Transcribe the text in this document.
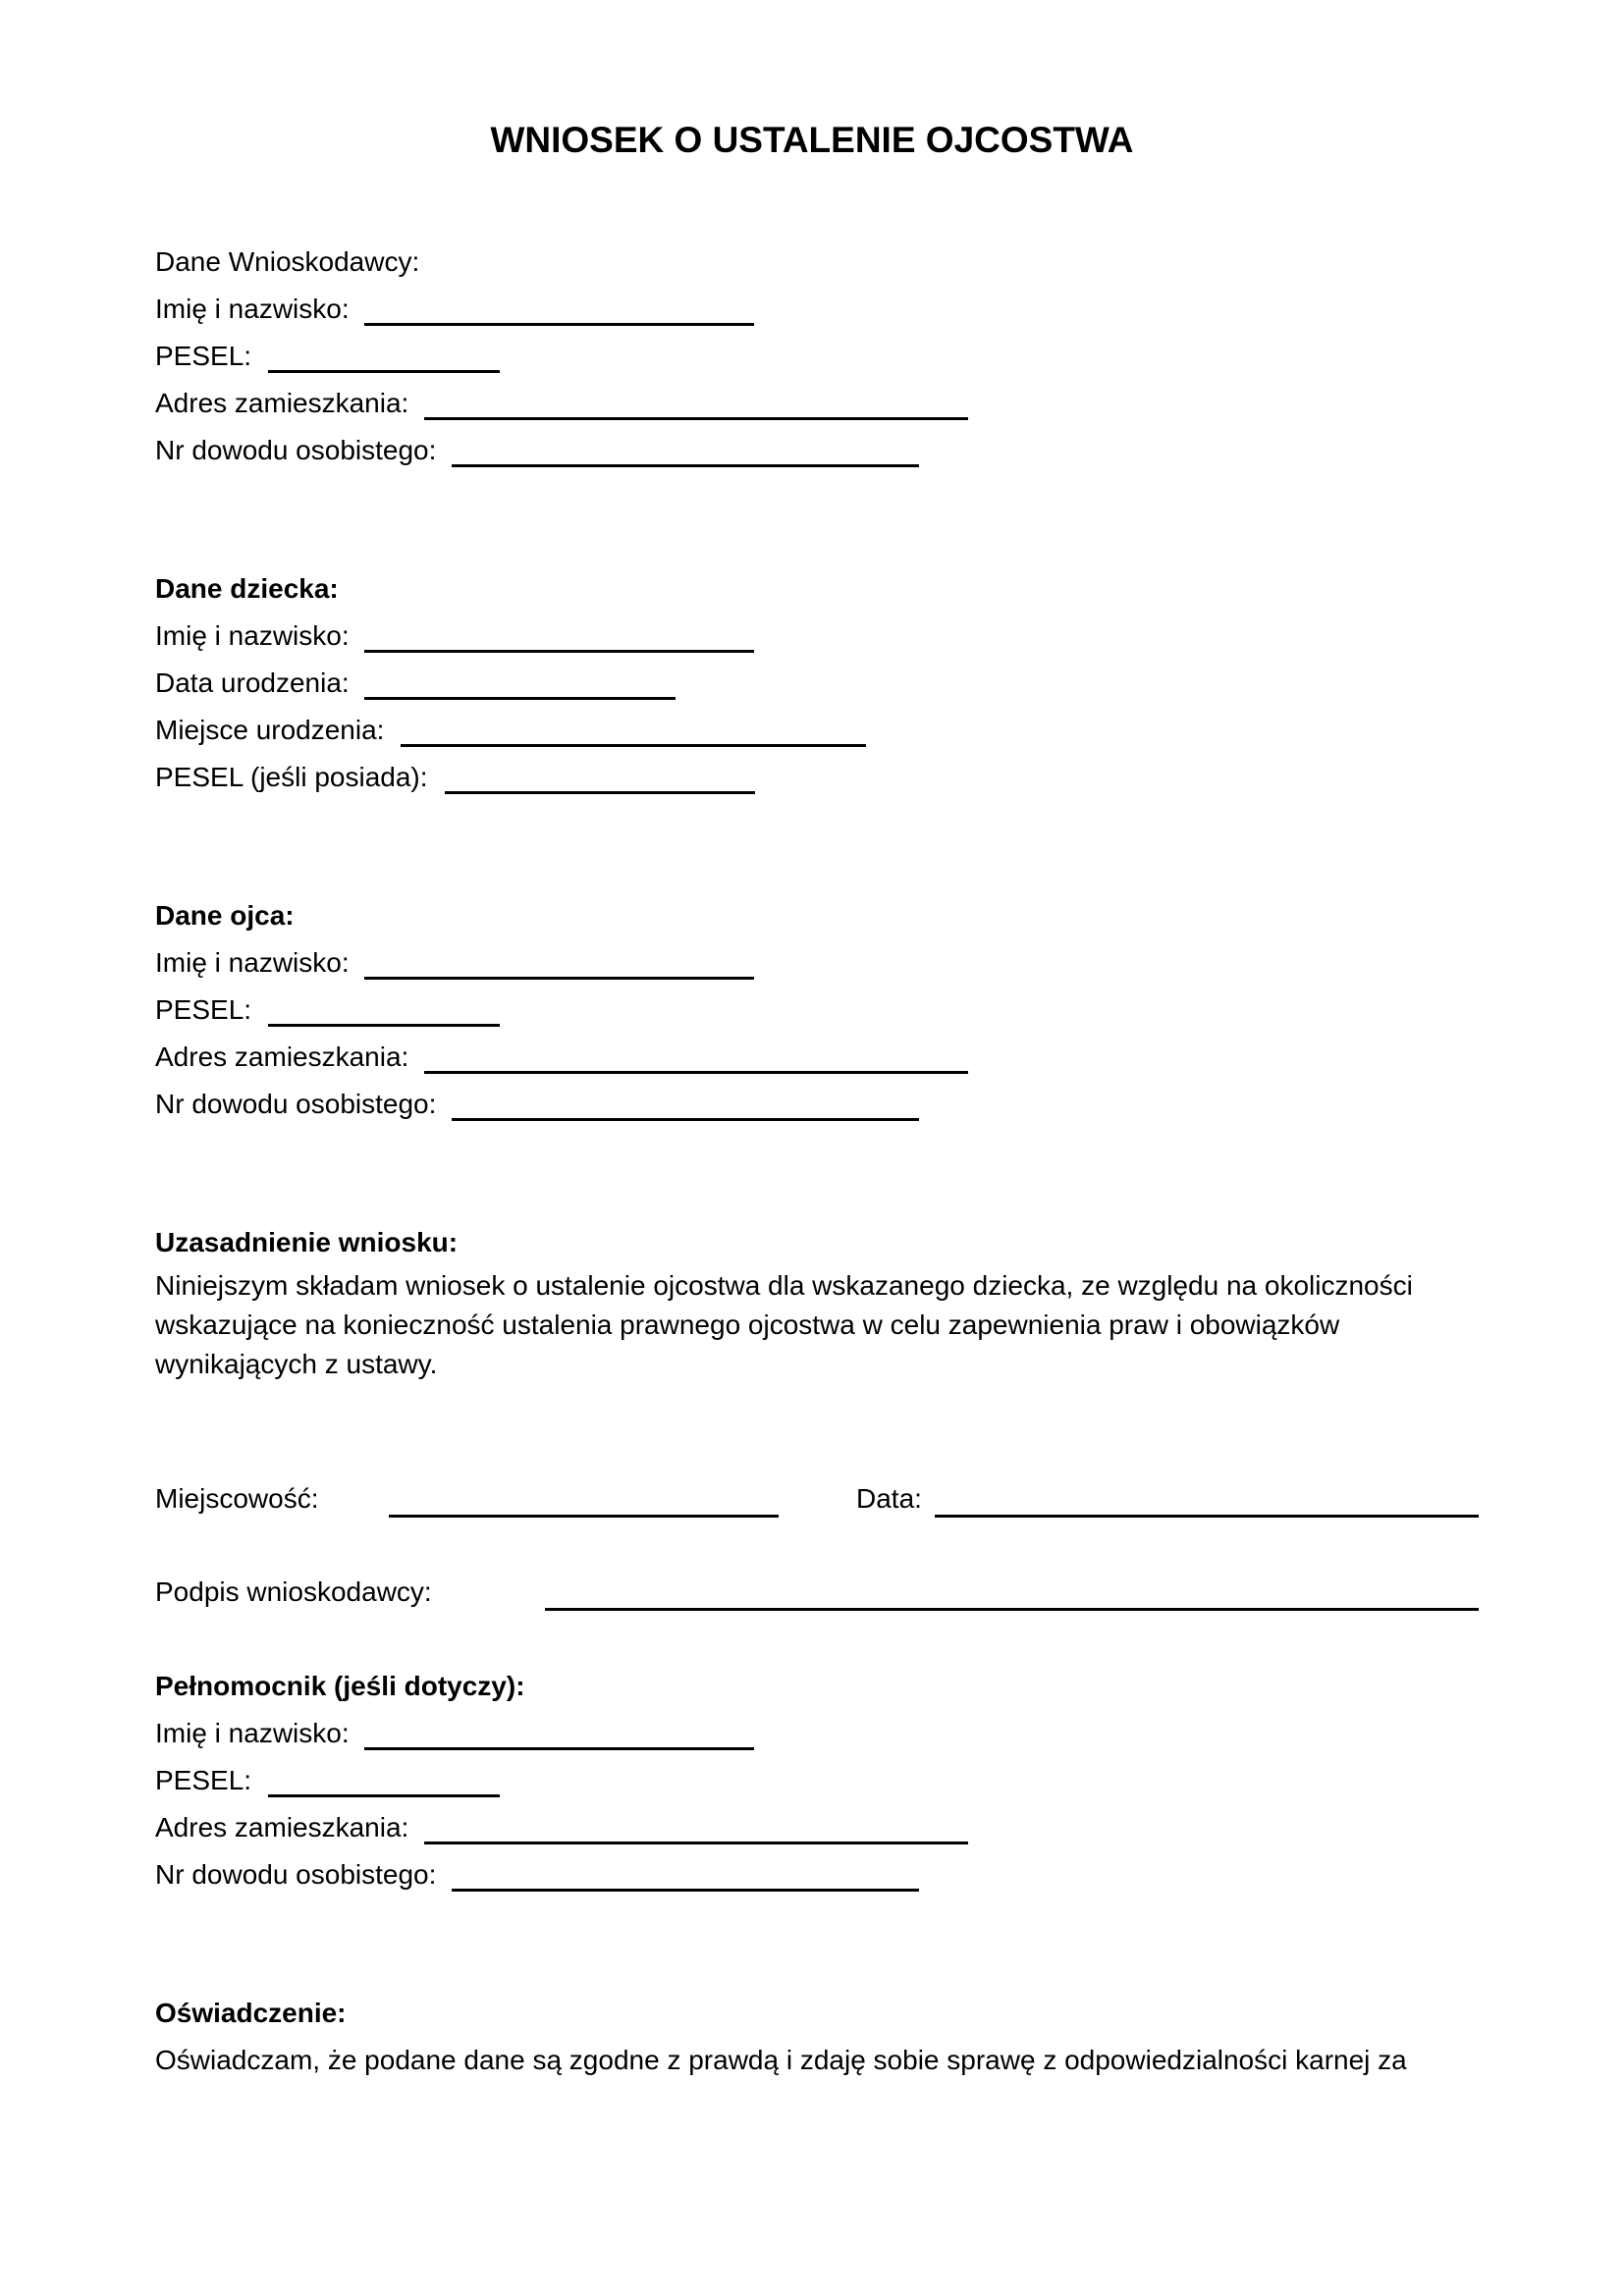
WNIOSEK O USTALENIE OJCOSTWA
Dane Wnioskodawcy:
Imię i nazwisko:
PESEL:
Adres zamieszkania:
Nr dowodu osobistego:
Dane dziecka:
Imię i nazwisko:
Data urodzenia:
Miejsce urodzenia:
PESEL (jeśli posiada):
Dane ojca:
Imię i nazwisko:
PESEL:
Adres zamieszkania:
Nr dowodu osobistego:
Uzasadnienie wniosku:
Niniejszym składam wniosek o ustalenie ojcostwa dla wskazanego dziecka, ze względu na okoliczności wskazujące na konieczność ustalenia prawnego ojcostwa w celu zapewnienia praw i obowiązków wynikających z ustawy.
Miejscowość:	Data:
Podpis wnioskodawcy:
Pełnomocnik (jeśli dotyczy):
Imię i nazwisko:
PESEL:
Adres zamieszkania:
Nr dowodu osobistego:
Oświadczenie:
Oświadczam, że podane dane są zgodne z prawdą i zdaję sobie sprawę z odpowiedzialności karnej za
